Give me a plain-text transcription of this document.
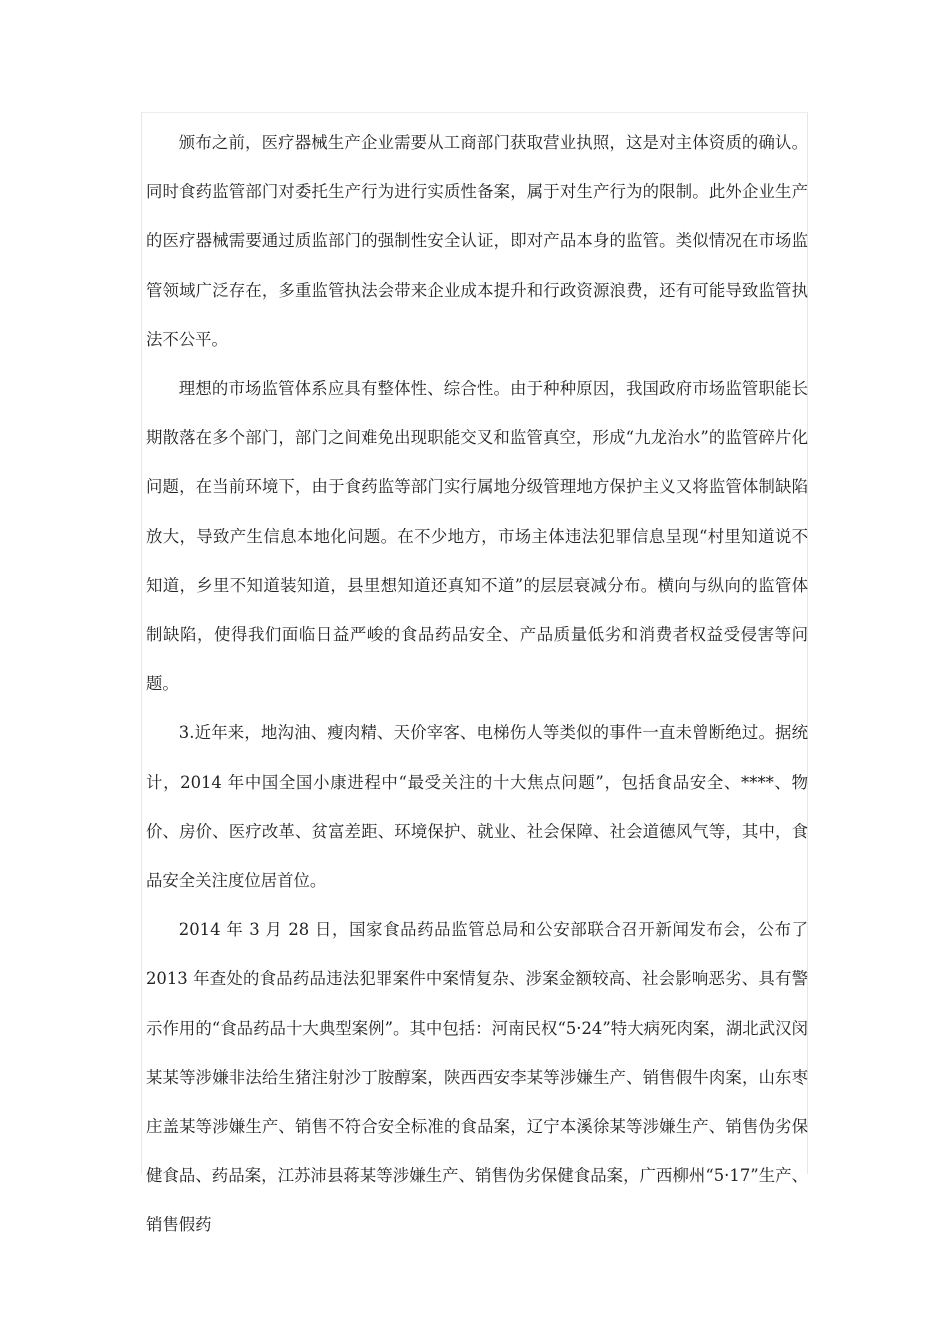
颁布之前，医疗器械生产企业需要从工商部门获取营业执照，这是对主体资质的确认。同时食药监管部门对委托生产行为进行实质性备案，属于对生产行为的限制。此外企业生产的医疗器械需要通过质监部门的强制性安全认证，即对产品本身的监管。类似情况在市场监管领域广泛存在，多重监管执法会带来企业成本提升和行政资源浪费，还有可能导致监管执法不公平。

理想的市场监管体系应具有整体性、综合性。由于种种原因，我国政府市场监管职能长期散落在多个部门，部门之间难免出现职能交叉和监管真空，形成“九龙治水”的监管碎片化问题，在当前环境下，由于食药监等部门实行属地分级管理地方保护主义又将监管体制缺陷放大，导致产生信息本地化问题。在不少地方，市场主体违法犯罪信息呈现“村里知道说不知道，乡里不知道装知道，县里想知道还真知不道”的层层衰减分布。横向与纵向的监管体制缺陷，使得我们面临日益严峻的食品药品安全、产品质量低劣和消费者权益受侵害等问题。

3.近年来，地沟油、瘦肉精、天价宰客、电梯伤人等类似的事件一直未曾断绝过。据统计，2014 年中国全国小康进程中“最受关注的十大焦点问题”，包括食品安全、****、物价、房价、医疗改革、贫富差距、环境保护、就业、社会保障、社会道德风气等，其中，食品安全关注度位居首位。

2014 年 3 月 28 日，国家食品药品监管总局和公安部联合召开新闻发布会，公布了 2013 年查处的食品药品违法犯罪案件中案情复杂、涉案金额较高、社会影响恶劣、具有警示作用的“食品药品十大典型案例”。其中包括：河南民权“5·24”特大病死肉案，湖北武汉闵某某等涉嫌非法给生猪注射沙丁胺醇案，陕西西安李某等涉嫌生产、销售假牛肉案，山东枣庄盖某等涉嫌生产、销售不符合安全标准的食品案，辽宁本溪徐某等涉嫌生产、销售伪劣保健食品、药品案，江苏沛县蒋某等涉嫌生产、销售伪劣保健食品案，广西柳州“5·17”生产、销售假药
